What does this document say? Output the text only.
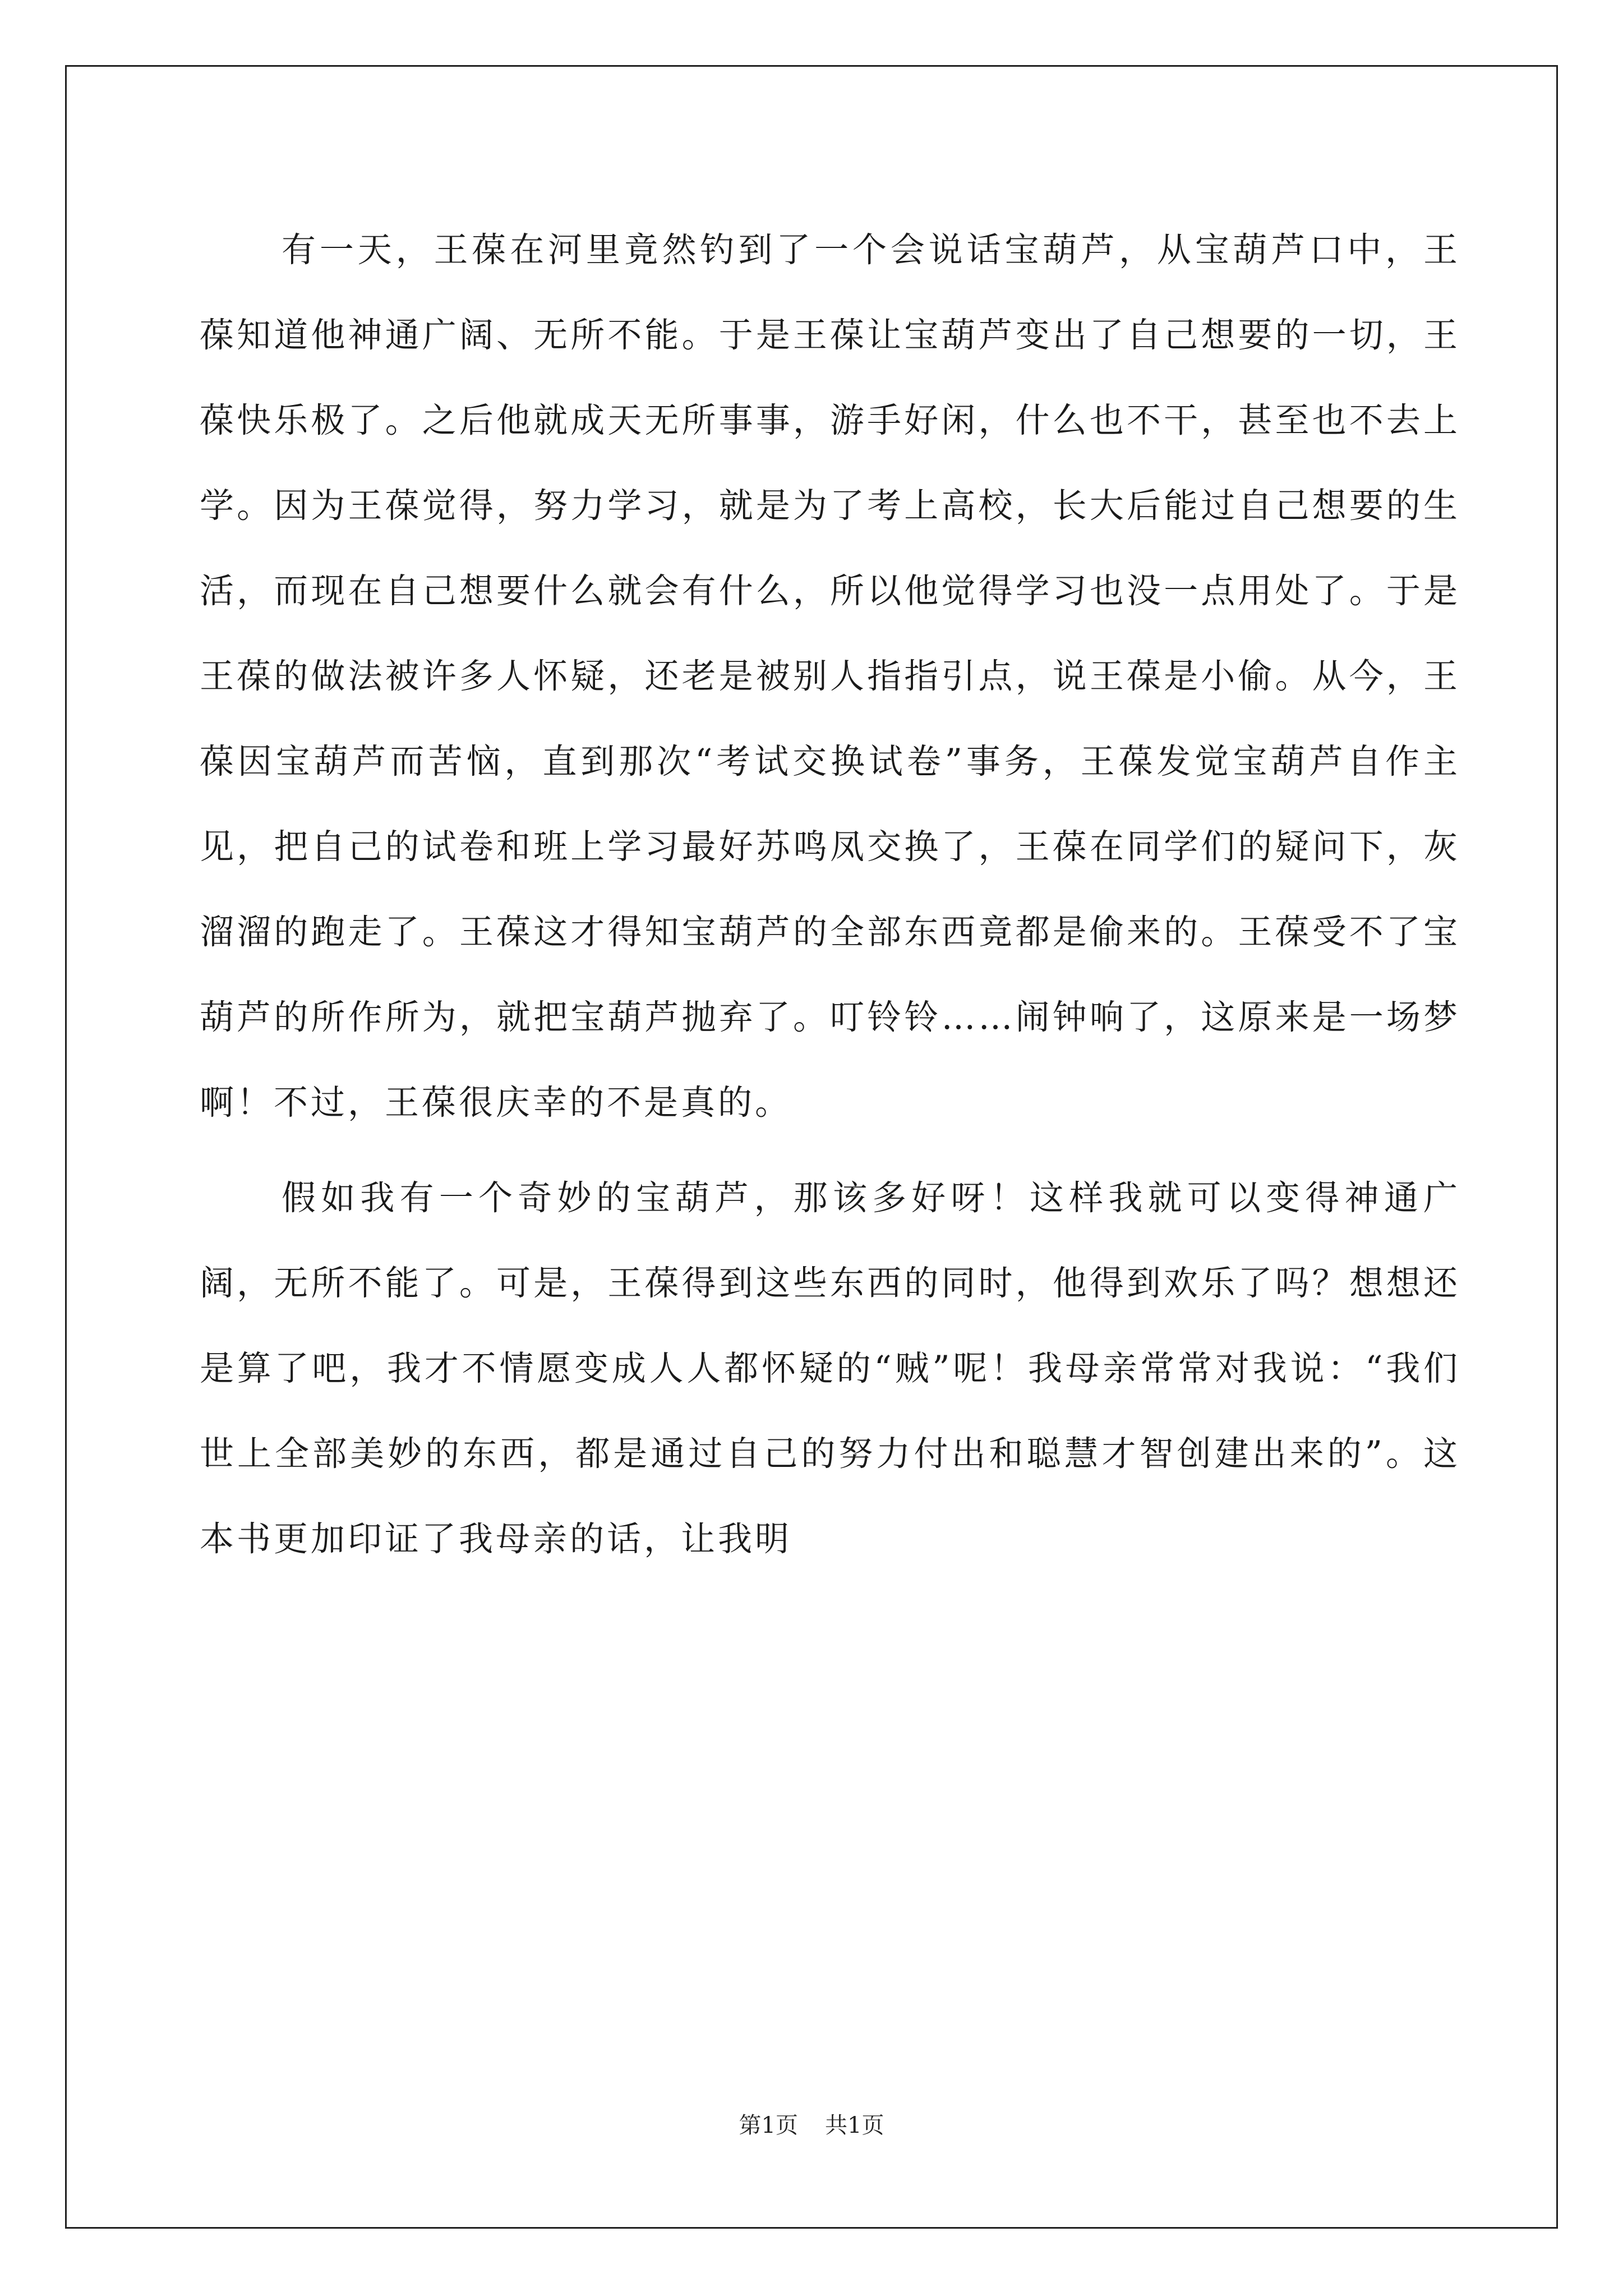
有一天，王葆在河里竟然钓到了一个会说话宝葫芦，从宝葫芦口中，王葆知道他神通广阔、无所不能。于是王葆让宝葫芦变出了自己想要的一切，王葆快乐极了。之后他就成天无所事事，游手好闲，什么也不干，甚至也不去上学。因为王葆觉得，努力学习，就是为了考上高校，长大后能过自己想要的生活，而现在自己想要什么就会有什么，所以他觉得学习也没一点用处了。于是王葆的做法被许多人怀疑，还老是被别人指指引点，说王葆是小偷。从今，王葆因宝葫芦而苦恼，直到那次“考试交换试卷”事务，王葆发觉宝葫芦自作主见，把自己的试卷和班上学习最好苏鸣凤交换了，王葆在同学们的疑问下，灰溜溜的跑走了。王葆这才得知宝葫芦的全部东西竟都是偷来的。王葆受不了宝葫芦的所作所为，就把宝葫芦抛弃了。叮铃铃……闹钟响了，这原来是一场梦啊！不过，王葆很庆幸的不是真的。

假如我有一个奇妙的宝葫芦，那该多好呀！这样我就可以变得神通广阔，无所不能了。可是，王葆得到这些东西的同时，他得到欢乐了吗？想想还是算了吧，我才不情愿变成人人都怀疑的“贼”呢！我母亲常常对我说：“我们世上全部美妙的东西，都是通过自己的努力付出和聪慧才智创建出来的”。这本书更加印证了我母亲的话，让我明

第1页 共1页
